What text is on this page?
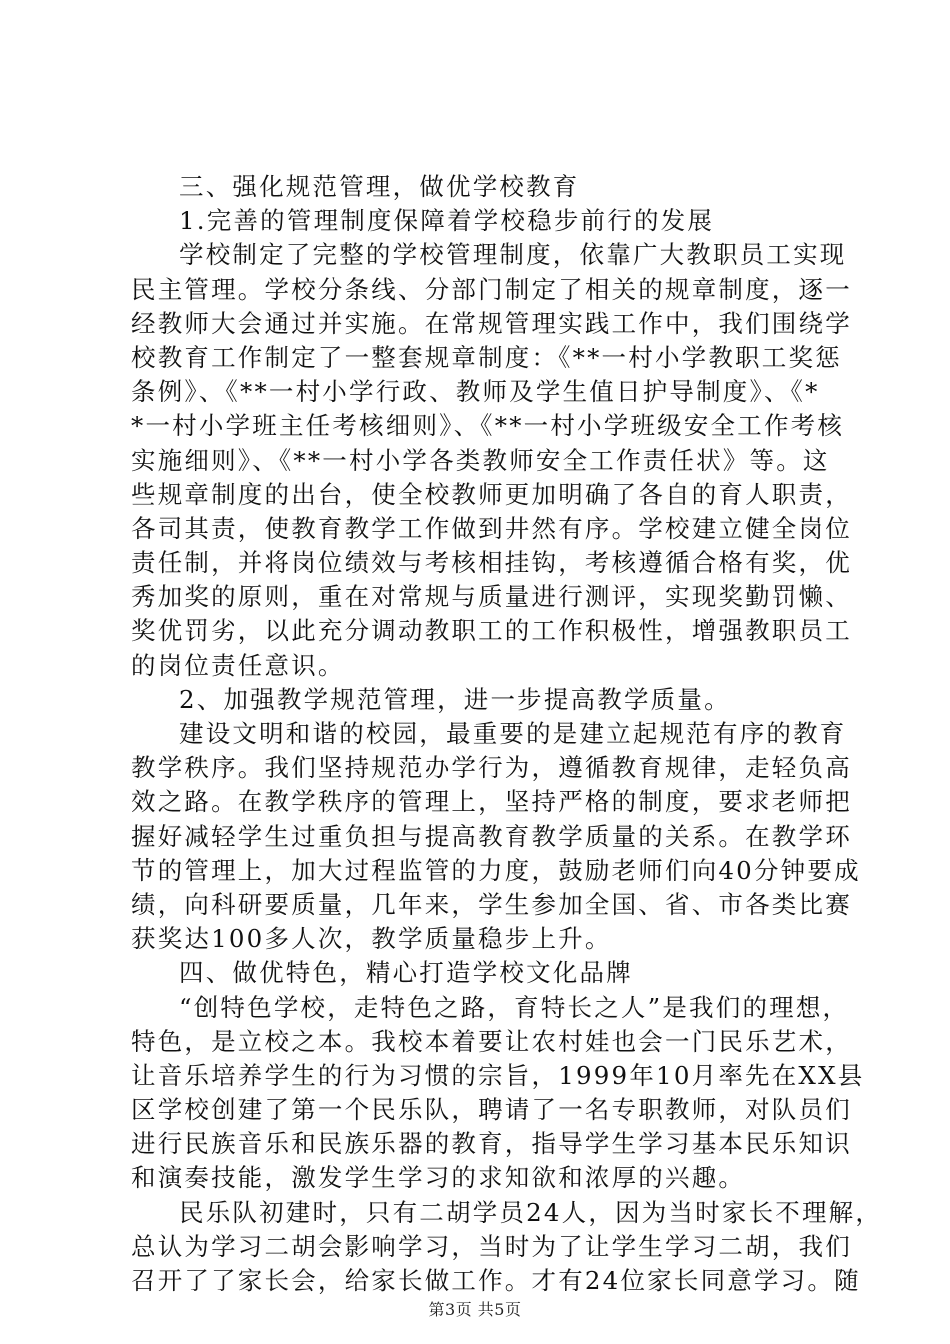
三、强化规范管理，做优学校教育
1.完善的管理制度保障着学校稳步前行的发展
学校制定了完整的学校管理制度，依靠广大教职员工实现
民主管理。学校分条线、分部门制定了相关的规章制度，逐一
经教师大会通过并实施。在常规管理实践工作中，我们围绕学
校教育工作制定了一整套规章制度：《**一村小学教职工奖惩
条例》、《**一村小学行政、教师及学生值日护导制度》、《*
*一村小学班主任考核细则》、《**一村小学班级安全工作考核
实施细则》、《**一村小学各类教师安全工作责任状》等。这
些规章制度的出台，使全校教师更加明确了各自的育人职责，
各司其责，使教育教学工作做到井然有序。学校建立健全岗位
责任制，并将岗位绩效与考核相挂钩，考核遵循合格有奖，优
秀加奖的原则，重在对常规与质量进行测评，实现奖勤罚懒、
奖优罚劣，以此充分调动教职工的工作积极性，增强教职员工
的岗位责任意识。
2、加强教学规范管理，进一步提高教学质量。
建设文明和谐的校园，最重要的是建立起规范有序的教育
教学秩序。我们坚持规范办学行为，遵循教育规律，走轻负高
效之路。在教学秩序的管理上，坚持严格的制度，要求老师把
握好减轻学生过重负担与提高教育教学质量的关系。在教学环
节的管理上，加大过程监管的力度，鼓励老师们向40分钟要成
绩，向科研要质量，几年来，学生参加全国、省、市各类比赛
获奖达100多人次，教学质量稳步上升。
四、做优特色，精心打造学校文化品牌
“创特色学校，走特色之路，育特长之人”是我们的理想，
特色，是立校之本。我校本着要让农村娃也会一门民乐艺术，
让音乐培养学生的行为习惯的宗旨，1999年10月率先在XX县
区学校创建了第一个民乐队，聘请了一名专职教师，对队员们
进行民族音乐和民族乐器的教育，指导学生学习基本民乐知识
和演奏技能，激发学生学习的求知欲和浓厚的兴趣。
民乐队初建时，只有二胡学员24人，因为当时家长不理解，
总认为学习二胡会影响学习，当时为了让学生学习二胡，我们
召开了了家长会，给家长做工作。才有24位家长同意学习。随
第3页 共5页
